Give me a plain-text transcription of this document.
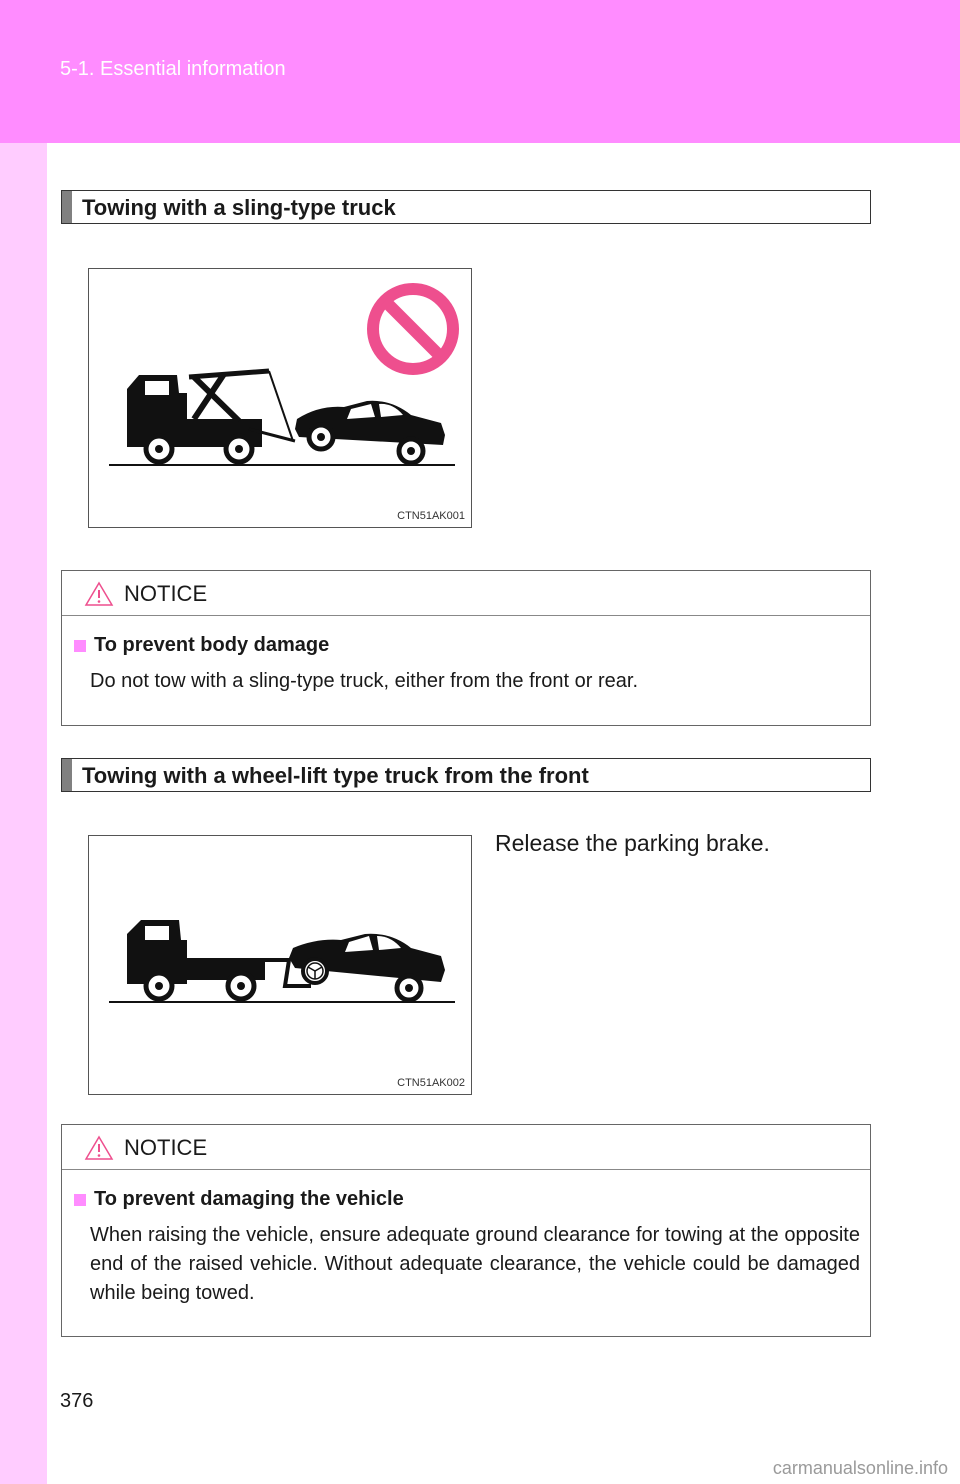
5-1. Essential information
Towing with a sling-type truck
CTN51AK001
NOTICE
To prevent body damage
Do not tow with a sling-type truck, either from the front or rear.
Towing with a wheel-lift type truck from the front
Release the parking brake.
CTN51AK002
NOTICE
To prevent damaging the vehicle
When raising the vehicle, ensure adequate ground clearance for towing at the opposite end of the raised vehicle. Without adequate clearance, the vehicle could be damaged while being towed.
376
carmanualsonline.info
